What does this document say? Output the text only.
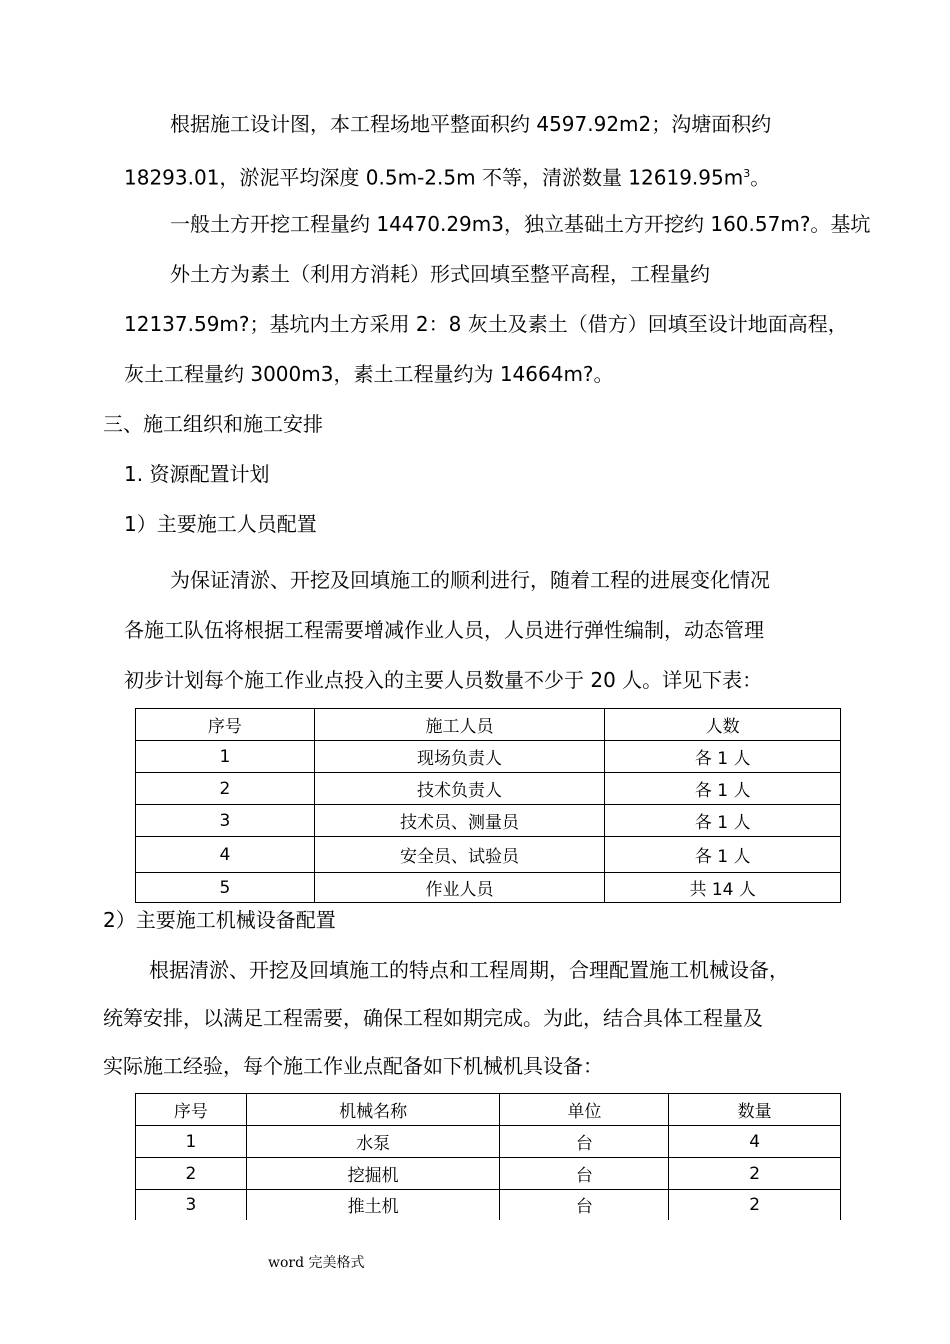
根据施工设计图，本工程场地平整面积约 4597.92m2；沟塘面积约
18293.01，淤泥平均深度 0.5m-2.5m 不等，清淤数量 $12619.95m^3$。
一般土方开挖工程量约 14470.29m3，独立基础土方开挖约 160.57m?。基坑
外土方为素土（利用方消耗）形式回填至整平高程，工程量约
12137.59m?；基坑内土方采用 2：8 灰土及素土（借方）回填至设计地面高程，
灰土工程量约 3000m3，素土工程量约为 14664m?。
三、施工组织和施工安排
1. 资源配置计划
1）主要施工人员配置
为保证清淤、开挖及回填施工的顺利进行，随着工程的进展变化情况
各施工队伍将根据工程需要增减作业人员，人员进行弹性编制，动态管理
初步计划每个施工作业点投入的主要人员数量不少于 20 人。详见下表：
序号	施工人员	人数
1	现场负责人	各 1 人
2	技术负责人	各 1 人
3	技术员、测量员	各 1 人
4	安全员、试验员	各 1 人
5	作业人员	共 14 人
2）主要施工机械设备配置
根据清淤、开挖及回填施工的特点和工程周期，合理配置施工机械设备，
统筹安排，以满足工程需要，确保工程如期完成。为此，结合具体工程量及
实际施工经验，每个施工作业点配备如下机械机具设备：
序号	机械名称	单位	数量
1	水泵	台	4
2	挖掘机	台	2
3	推土机	台	2
word 完美格式
